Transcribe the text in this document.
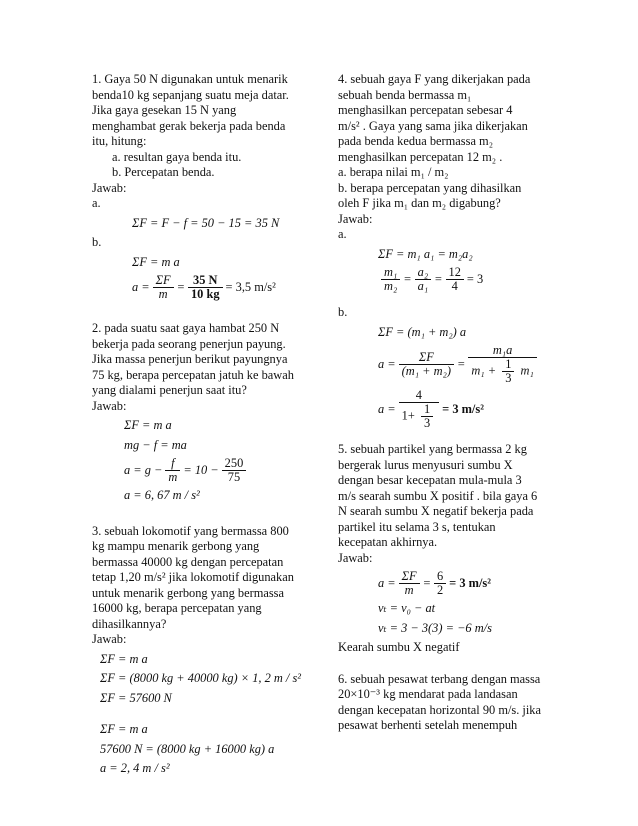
1. Gaya 50 N digunakan untuk menarik

benda10 kg sepanjang suatu meja datar.

Jika gaya gesekan 15 N yang

menghambat gerak bekerja pada benda

itu, hitung:

a. resultan gaya benda itu.

b. Percepatan benda.

Jawab:

a.

ΣF = F − f = 50 − 15 = 35 N

b.

ΣF = m a

$a = \frac{\Sigma F}{m} = \frac{35 N}{10 kg} = 3,5$ m/s²

2. pada suatu saat gaya hambat 250 N

bekerja pada seorang penerjun payung.

Jika massa penerjun berikut payungnya

75 kg, berapa percepatan jatuh ke bawah

yang dialami penerjun saat itu?

Jawab:

ΣF = m a

mg − f = ma

$a = g - \frac{f}{m} = 10 - \frac{250}{75}$

a = 6, 67 m / s²

3. sebuah lokomotif yang bermassa 800

kg mampu menarik gerbong yang

bermassa 40000 kg dengan percepatan

tetap 1,20 m/s² jika lokomotif digunakan

untuk menarik gerbong yang bermassa

16000 kg, berapa percepatan yang

dihasilkannya?

Jawab:

ΣF = m a

ΣF = (8000 kg + 40000 kg) × 1, 2 m / s²

ΣF = 57600 N

ΣF = m a

57600 N = (8000 kg + 16000 kg) a

a = 2, 4 m / s²

4. sebuah gaya F yang dikerjakan pada

sebuah benda bermassa m₁

menghasilkan percepatan sebesar 4

m/s² . Gaya yang sama jika dikerjakan

pada benda kedua bermassa m₂

menghasilkan percepatan 12 m₂ .

a. berapa nilai m₁ / m₂

b. berapa percepatan yang dihasilkan

oleh F jika m₁ dan m₂ digabung?

Jawab:

a.

ΣF = m₁ a₁ = m₂a₂

$\frac{\text{m₁}}{\text{m₂}} = \frac{\text{a₂}}{\text{a₁}} = \frac{12}{4} = 3$

b.

ΣF = (m₁ + m₂) a

$a = \frac{\Sigma F}{\text{(m₁ + m₂)}} = \frac{\text{m₁a}}{m_1 + \frac{1}{3} m_1}$
$a = \frac{4}{1+ \frac{1}{3}} = 3$ m/s²

5. sebuah partikel yang bermassa 2 kg

bergerak lurus menyusuri sumbu X

dengan besar kecepatan mula-mula 3

m/s searah sumbu X positif . bila gaya 6

N searah sumbu X negatif bekerja pada

partikel itu selama 3 s, tentukan

kecepatan akhirnya.

Jawab:

$a = \frac{\Sigma F}{m} = \frac{6}{2} = 3$ m/s²

vₜ = v₀ − at

vₜ = 3 − 3(3) = −6 m/s

Kearah sumbu X negatif

6. sebuah pesawat terbang dengan massa

20×10⁻³ kg mendarat pada landasan

dengan kecepatan horizontal 90 m/s. jika

pesawat berhenti setelah menempuh
